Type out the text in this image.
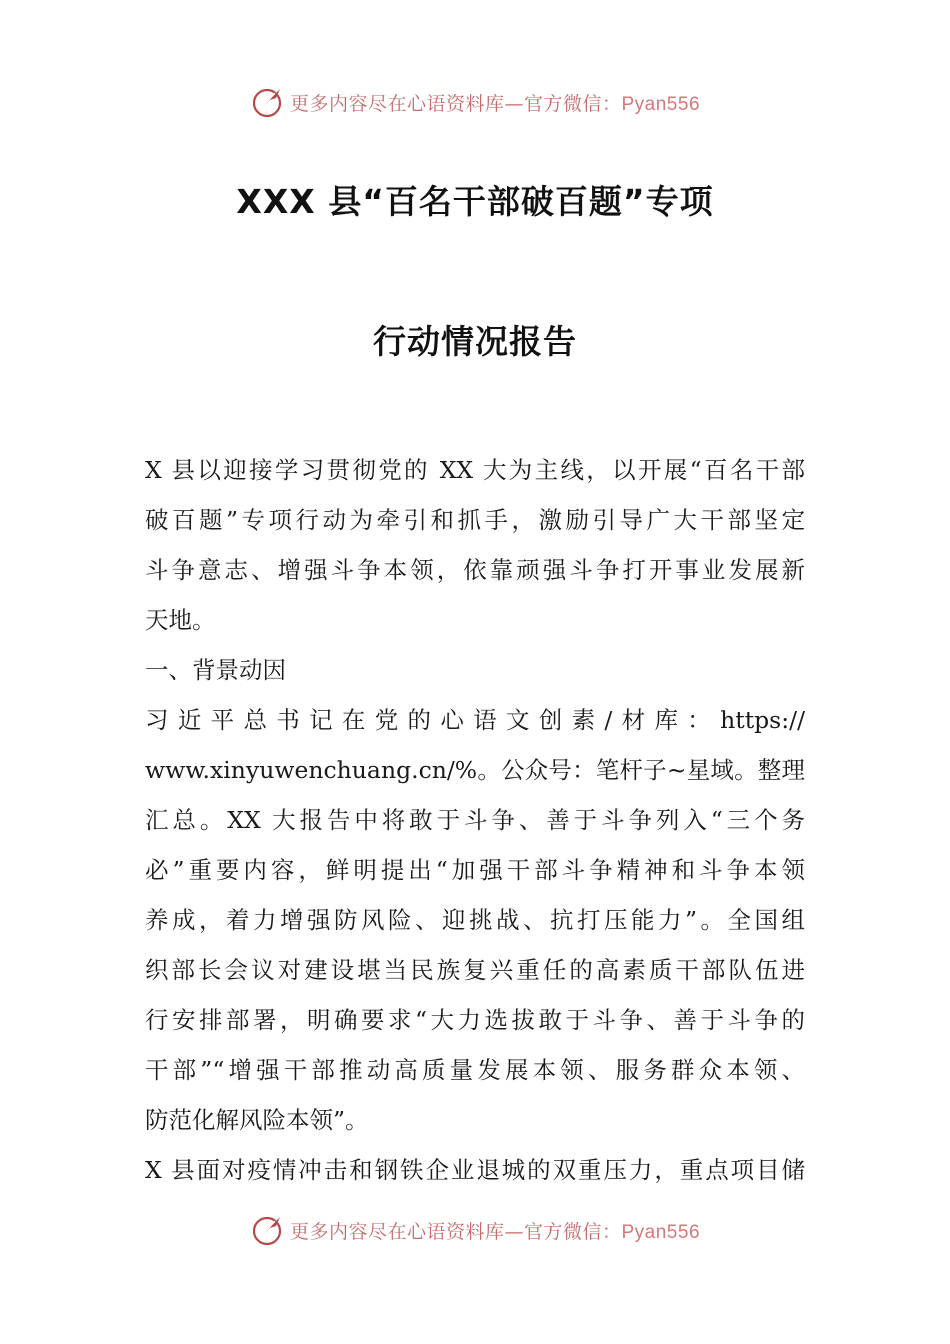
更多内容尽在心语资料库—官方微信：Pyan556
XXX 县“百名干部破百题”专项
行动情况报告
X 县以迎接学习贯彻党的 XX 大为主线，以开展“百名干部
破百题”专项行动为牵引和抓手，激励引导广大干部坚定
斗争意志、增强斗争本领，依靠顽强斗争打开事业发展新
天地。
一、背景动因
习近平总书记在党的心语文创素/材库：https://
www.xinyuwenchuang.cn/%。公众号：笔杆子~星域。整理
汇总。XX 大报告中将敢于斗争、善于斗争列入“三个务
必”重要内容，鲜明提出“加强干部斗争精神和斗争本领
养成，着力增强防风险、迎挑战、抗打压能力”。全国组
织部长会议对建设堪当民族复兴重任的高素质干部队伍进
行安排部署，明确要求“大力选拔敢于斗争、善于斗争的
干部”“增强干部推动高质量发展本领、服务群众本领、
防范化解风险本领”。
X 县面对疫情冲击和钢铁企业退城的双重压力，重点项目储
更多内容尽在心语资料库—官方微信：Pyan556
